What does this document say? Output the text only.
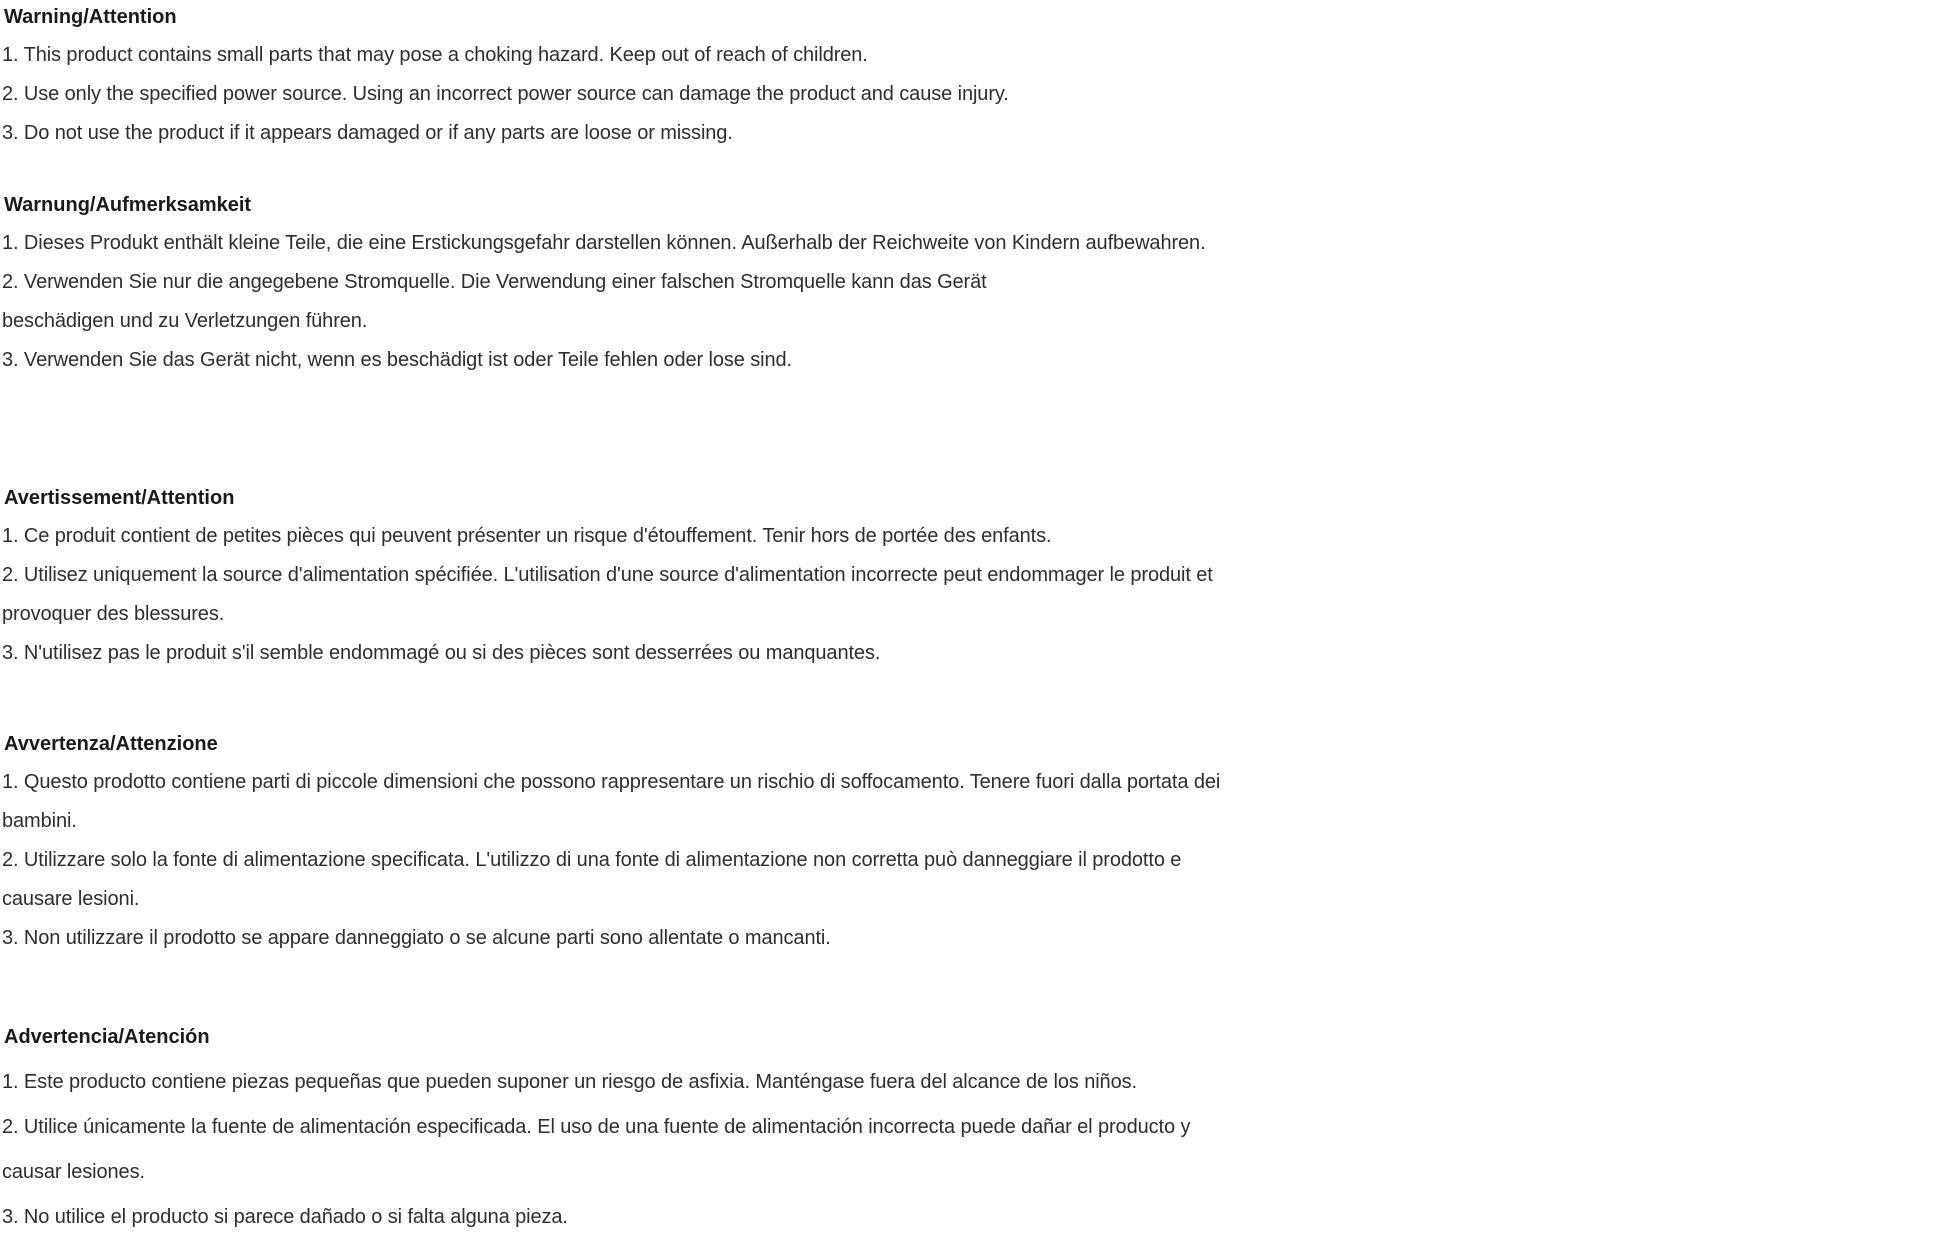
Warning/Attention

1. This product contains small parts that may pose a choking hazard. Keep out of reach of children.

2. Use only the specified power source. Using an incorrect power source can damage the product and cause injury.

3. Do not use the product if it appears damaged or if any parts are loose or missing.

Warnung/Aufmerksamkeit

1. Dieses Produkt enthält kleine Teile, die eine Erstickungsgefahr darstellen können. Außerhalb der Reichweite von Kindern aufbewahren.

2. Verwenden Sie nur die angegebene Stromquelle. Die Verwendung einer falschen Stromquelle kann das Gerät

beschädigen und zu Verletzungen führen.

3. Verwenden Sie das Gerät nicht, wenn es beschädigt ist oder Teile fehlen oder lose sind.

Avertissement/Attention

1. Ce produit contient de petites pièces qui peuvent présenter un risque d'étouffement. Tenir hors de portée des enfants.

2. Utilisez uniquement la source d'alimentation spécifiée. L'utilisation d'une source d'alimentation incorrecte peut endommager le produit et

provoquer des blessures.

3. N'utilisez pas le produit s'il semble endommagé ou si des pièces sont desserrées ou manquantes.

Avvertenza/Attenzione

1. Questo prodotto contiene parti di piccole dimensioni che possono rappresentare un rischio di soffocamento. Tenere fuori dalla portata dei

bambini.

2. Utilizzare solo la fonte di alimentazione specificata. L'utilizzo di una fonte di alimentazione non corretta può danneggiare il prodotto e

causare lesioni.

3. Non utilizzare il prodotto se appare danneggiato o se alcune parti sono allentate o mancanti.

Advertencia/Atención

1. Este producto contiene piezas pequeñas que pueden suponer un riesgo de asfixia. Manténgase fuera del alcance de los niños.

2. Utilice únicamente la fuente de alimentación especificada. El uso de una fuente de alimentación incorrecta puede dañar el producto y

causar lesiones.

3. No utilice el producto si parece dañado o si falta alguna pieza.
